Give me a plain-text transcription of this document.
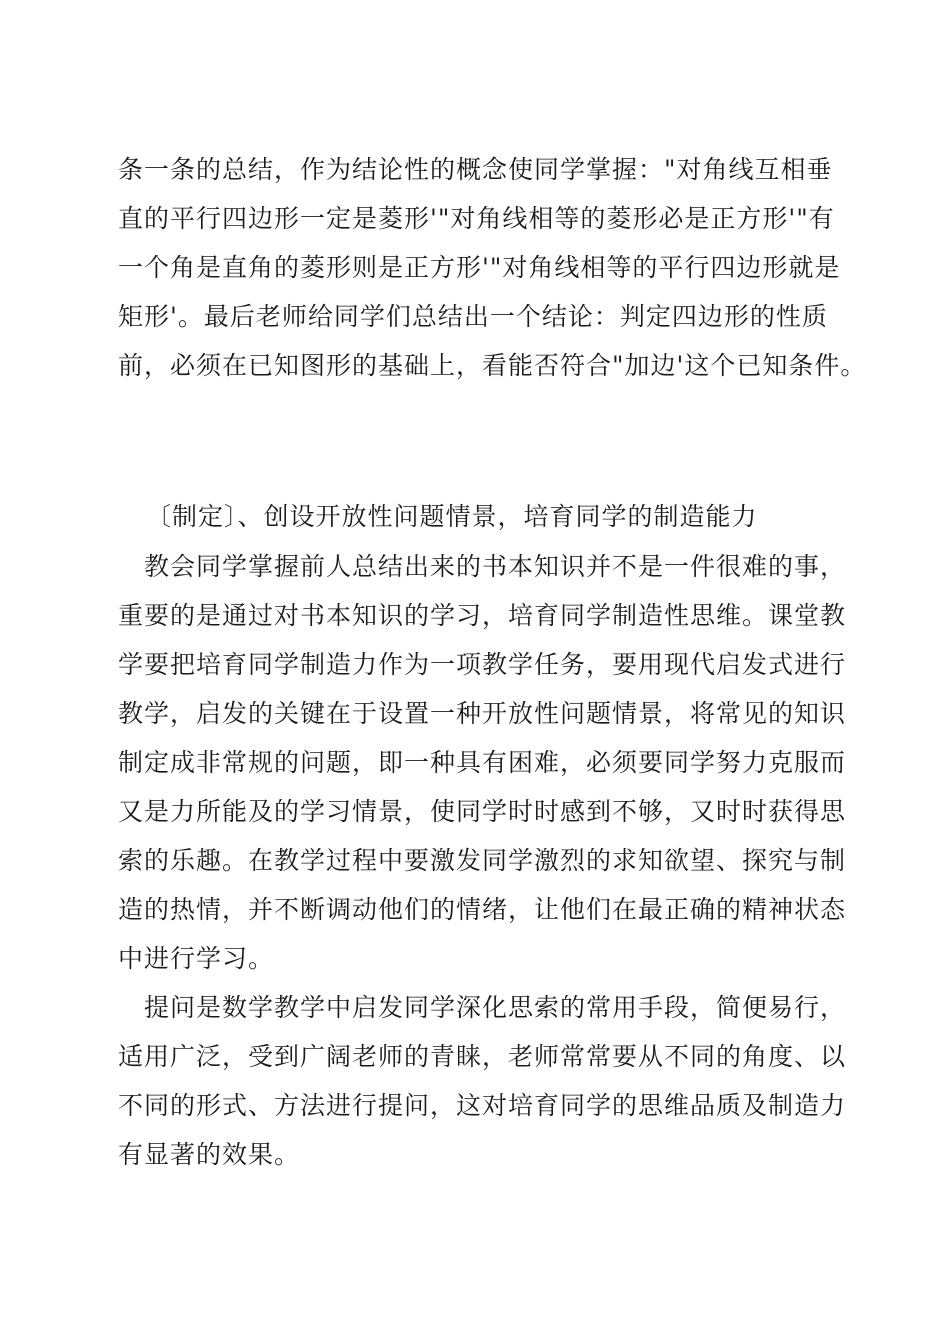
条一条的总结，作为结论性的概念使同学掌握："对角线互相垂
直的平行四边形一定是菱形'"对角线相等的菱形必是正方形'"有
一个角是直角的菱形则是正方形'"对角线相等的平行四边形就是
矩形'。最后老师给同学们总结出一个结论：判定四边形的性质
前，必须在已知图形的基础上，看能否符合"加边'这个已知条件。
〔制定〕、创设开放性问题情景，培育同学的制造能力
教会同学掌握前人总结出来的书本知识并不是一件很难的事，
重要的是通过对书本知识的学习，培育同学制造性思维。课堂教
学要把培育同学制造力作为一项教学任务，要用现代启发式进行
教学，启发的关键在于设置一种开放性问题情景，将常见的知识
制定成非常规的问题，即一种具有困难，必须要同学努力克服而
又是力所能及的学习情景，使同学时时感到不够，又时时获得思
索的乐趣。在教学过程中要激发同学激烈的求知欲望、探究与制
造的热情，并不断调动他们的情绪，让他们在最正确的精神状态
中进行学习。
提问是数学教学中启发同学深化思索的常用手段，简便易行，
适用广泛，受到广阔老师的青睐，老师常常要从不同的角度、以
不同的形式、方法进行提问，这对培育同学的思维品质及制造力
有显著的效果。
